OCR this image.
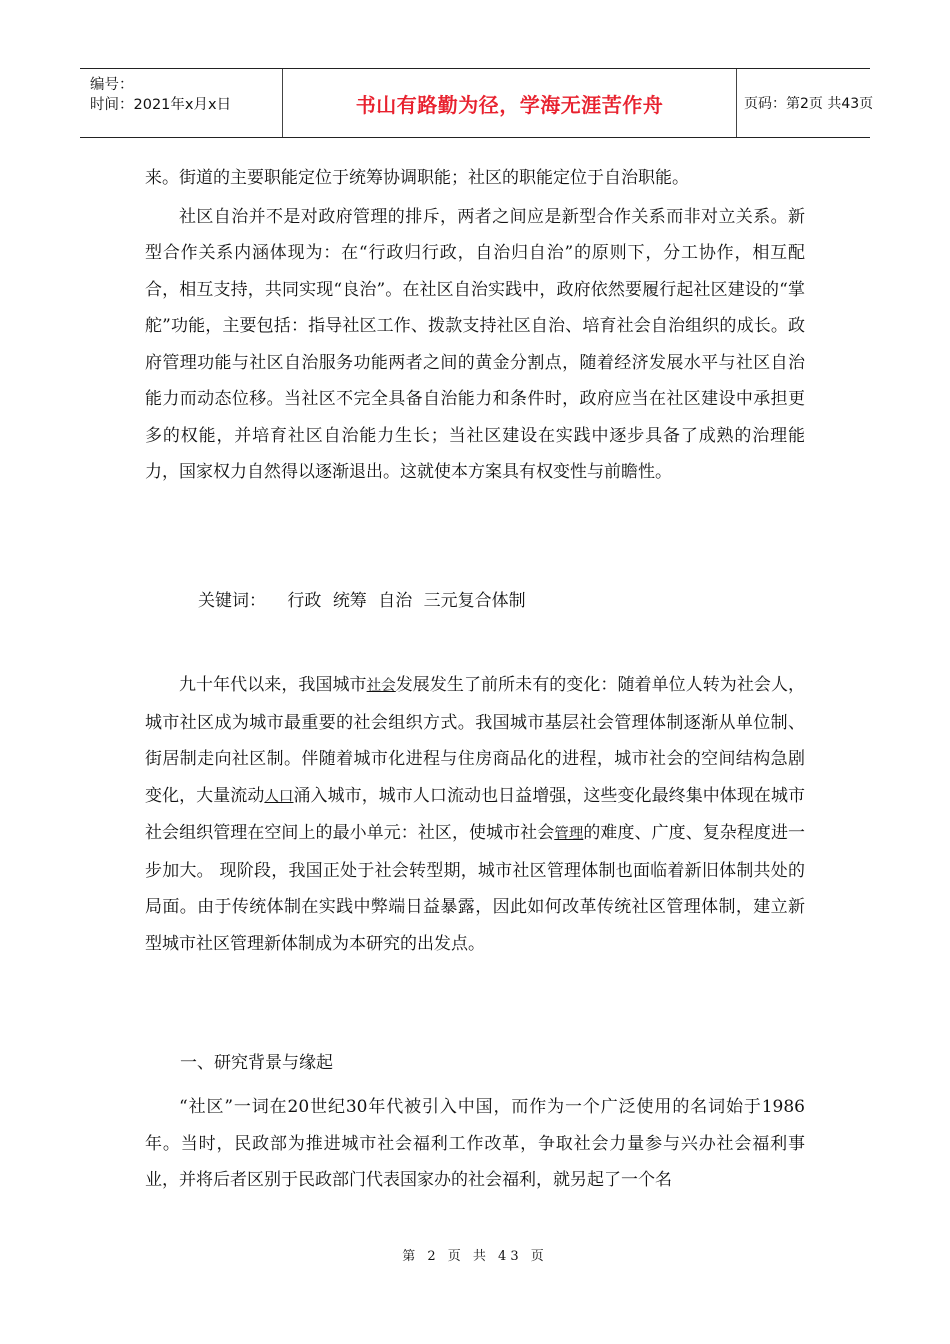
编号：
时间：2021年x月x日	书山有路勤为径，学海无涯苦作舟	页码：第2页 共43页

来。街道的主要职能定位于统筹协调职能；社区的职能定位于自治职能。

社区自治并不是对政府管理的排斥，两者之间应是新型合作关系而非对立关系。新型合作关系内涵体现为：在“行政归行政，自治归自治”的原则下，分工协作，相互配合，相互支持，共同实现“良治”。在社区自治实践中，政府依然要履行起社区建设的“掌舵”功能，主要包括：指导社区工作、拨款支持社区自治、培育社会自治组织的成长。政府管理功能与社区自治服务功能两者之间的黄金分割点，随着经济发展水平与社区自治能力而动态位移。当社区不完全具备自治能力和条件时，政府应当在社区建设中承担更多的权能，并培育社区自治能力生长；当社区建设在实践中逐步具备了成熟的治理能力，国家权力自然得以逐渐退出。这就使本方案具有权变性与前瞻性。

关键词： 行政 统筹 自治 三元复合体制

九十年代以来，我国城市社会发展发生了前所未有的变化：随着单位人转为社会人，城市社区成为城市最重要的社会组织方式。我国城市基层社会管理体制逐渐从单位制、街居制走向社区制。伴随着城市化进程与住房商品化的进程，城市社会的空间结构急剧变化，大量流动人口涌入城市，城市人口流动也日益增强，这些变化最终集中体现在城市社会组织管理在空间上的最小单元：社区，使城市社会管理的难度、广度、复杂程度进一步加大。 现阶段，我国正处于社会转型期，城市社区管理体制也面临着新旧体制共处的局面。由于传统体制在实践中弊端日益暴露，因此如何改革传统社区管理体制，建立新型城市社区管理新体制成为本研究的出发点。

一、研究背景与缘起

“社区”一词在20世纪30年代被引入中国，而作为一个广泛使用的名词始于1986年。当时，民政部为推进城市社会福利工作改革，争取社会力量参与兴办社会福利事业，并将后者区别于民政部门代表国家办的社会福利，就另起了一个名

第 2 页 共 43 页
